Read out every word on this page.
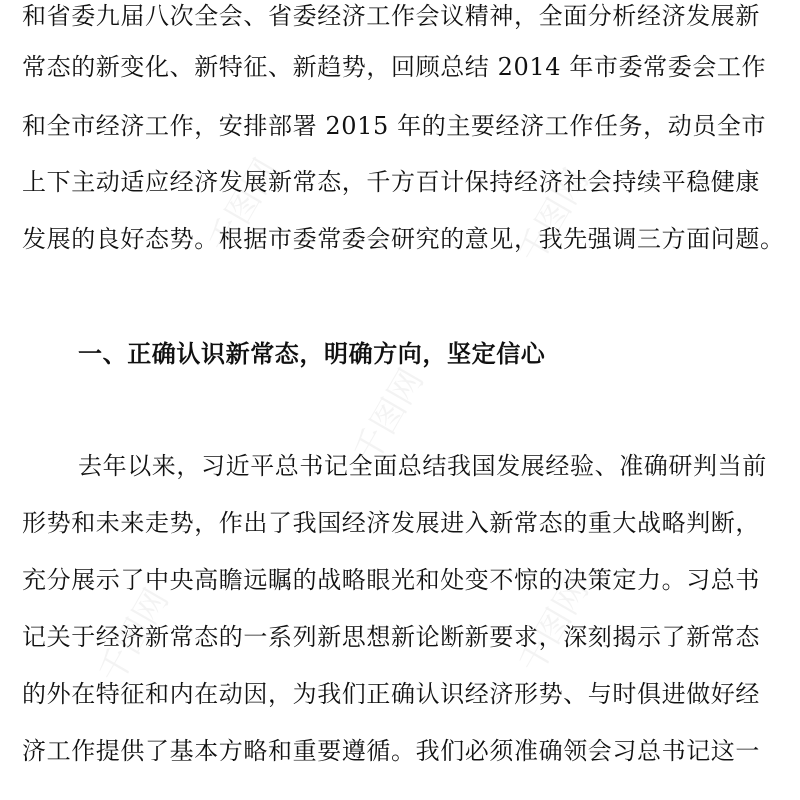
千图网	千图网
千图网
千图网	千图网
和省委九届八次全会、省委经济工作会议精神，全面分析经济发展新
常态的新变化、新特征、新趋势，回顾总结 2014 年市委常委会工作
和全市经济工作，安排部署 2015 年的主要经济工作任务，动员全市
上下主动适应经济发展新常态，千方百计保持经济社会持续平稳健康
发展的良好态势。根据市委常委会研究的意见，我先强调三方面问题。
一、正确认识新常态，明确方向，坚定信心
去年以来，习近平总书记全面总结我国发展经验、准确研判当前
形势和未来走势，作出了我国经济发展进入新常态的重大战略判断，
充分展示了中央高瞻远瞩的战略眼光和处变不惊的决策定力。习总书
记关于经济新常态的一系列新思想新论断新要求，深刻揭示了新常态
的外在特征和内在动因，为我们正确认识经济形势、与时俱进做好经
济工作提供了基本方略和重要遵循。我们必须准确领会习总书记这一
